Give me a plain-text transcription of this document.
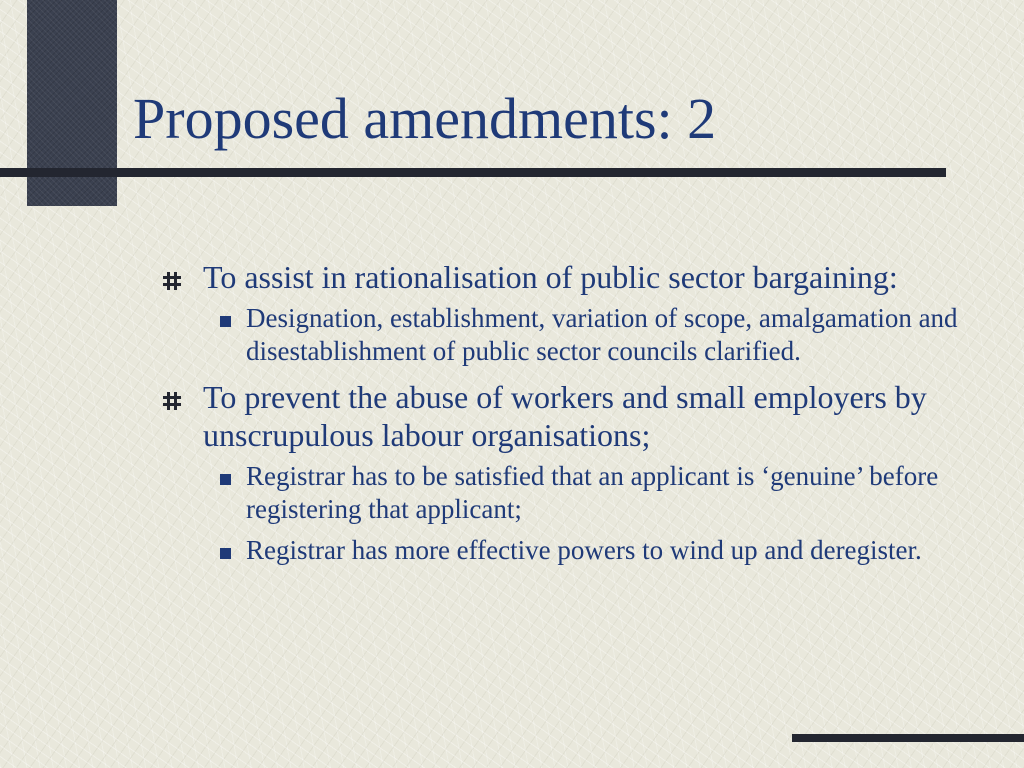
Proposed amendments: 2
To assist in rationalisation of public sector bargaining:
Designation, establishment, variation of scope, amalgamation and disestablishment of public sector councils clarified.
To prevent the abuse of workers and small employers by unscrupulous labour organisations;
Registrar has to be satisfied that an applicant is ‘genuine’ before registering that applicant;
Registrar has more effective powers to wind up and deregister.
